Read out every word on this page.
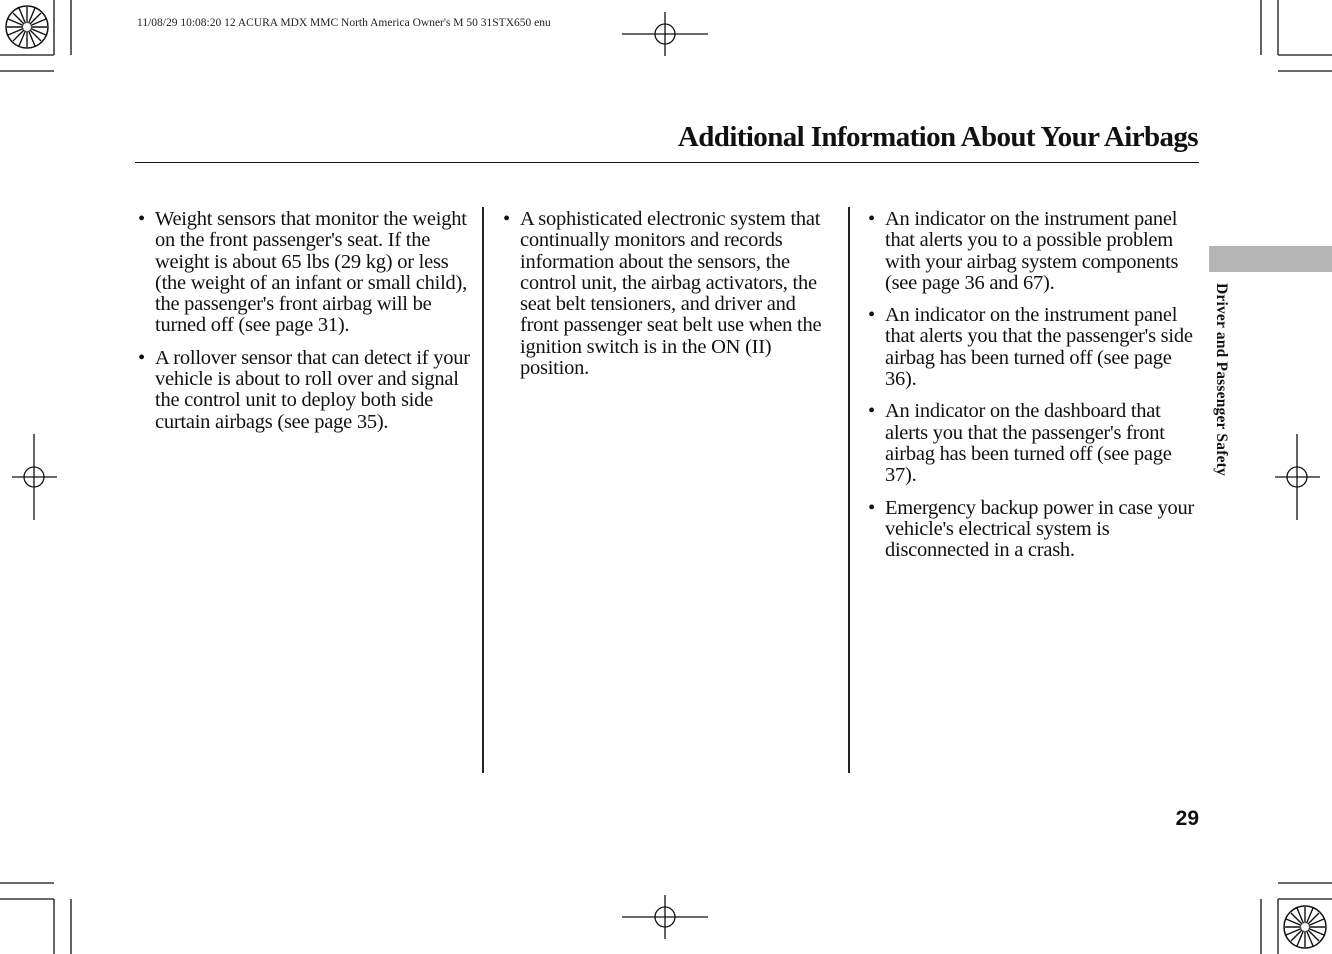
11/08/29 10:08:20 12 ACURA MDX MMC North America Owner's M 50 31STX650 enu
Additional Information About Your Airbags
• Weight sensors that monitor the weight on the front passenger's seat. If the weight is about 65 lbs (29 kg) or less (the weight of an infant or small child), the passenger's front airbag will be turned off (see page 31).
• A rollover sensor that can detect if your vehicle is about to roll over and signal the control unit to deploy both side curtain airbags (see page 35).
• A sophisticated electronic system that continually monitors and records information about the sensors, the control unit, the airbag activators, the seat belt tensioners, and driver and front passenger seat belt use when the ignition switch is in the ON (II) position.
• An indicator on the instrument panel that alerts you to a possible problem with your airbag system components (see page 36 and 67).
• An indicator on the instrument panel that alerts you that the passenger's side airbag has been turned off (see page 36).
• An indicator on the dashboard that alerts you that the passenger's front airbag has been turned off (see page 37).
• Emergency backup power in case your vehicle's electrical system is disconnected in a crash.
Driver and Passenger Safety
29
